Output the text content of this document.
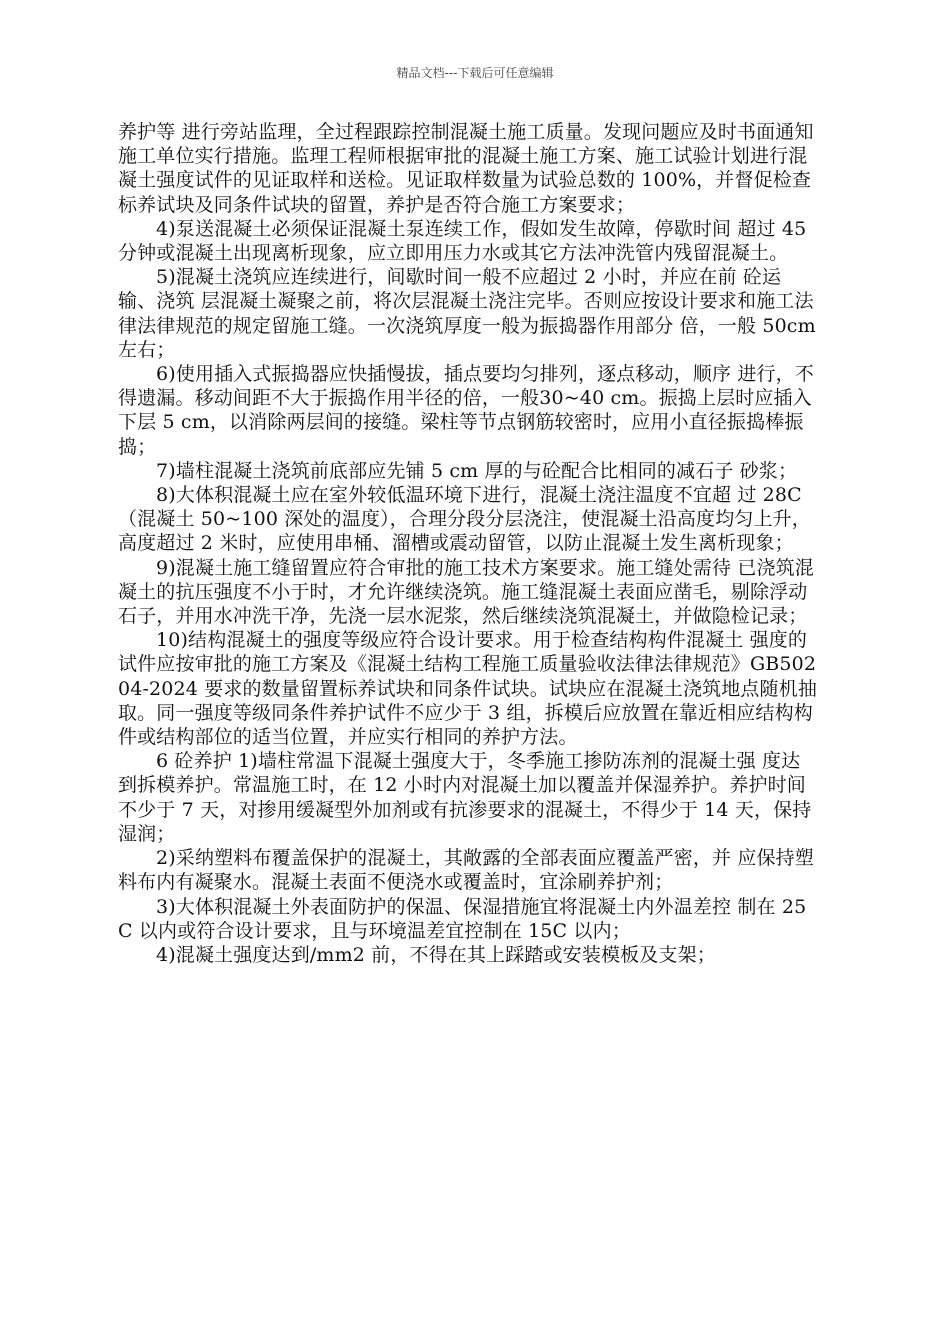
精品文档---下载后可任意编辑

养护等 进行旁站监理，全过程跟踪控制混凝土施工质量。发现问题应及时书面通知施工单位实行措施。监理工程师根据审批的混凝土施工方案、施工试验计划进行混凝土强度试件的见证取样和送检。见证取样数量为试验总数的 100%，并督促检查标养试块及同条件试块的留置，养护是否符合施工方案要求；

4)泵送混凝土必须保证混凝土泵连续工作，假如发生故障，停歇时间 超过 45 分钟或混凝土出现离析现象，应立即用压力水或其它方法冲洗管内残留混凝土。

5)混凝土浇筑应连续进行，间歇时间一般不应超过 2 小时，并应在前 砼运输、浇筑 层混凝土凝聚之前，将次层混凝土浇注完毕。否则应按设计要求和施工法律法律规范的规定留施工缝。一次浇筑厚度一般为振捣器作用部分 倍，一般 50cm 左右；

6)使用插入式振捣器应快插慢拔，插点要均匀排列，逐点移动，顺序 进行，不得遗漏。移动间距不大于振捣作用半径的倍，一般30~40 cm。振捣上层时应插入下层 5 cm，以消除两层间的接缝。梁柱等节点钢筋较密时，应用小直径振捣棒振捣；

7)墙柱混凝土浇筑前底部应先铺 5 cm 厚的与砼配合比相同的减石子 砂浆；

8)大体积混凝土应在室外较低温环境下进行，混凝土浇注温度不宜超 过 28C（混凝土 50~100 深处的温度），合理分段分层浇注，使混凝土沿高度均匀上升，高度超过 2 米时，应使用串桶、溜槽或震动留管，以防止混凝土发生离析现象；

9)混凝土施工缝留置应符合审批的施工技术方案要求。施工缝处需待 已浇筑混凝土的抗压强度不小于时，才允许继续浇筑。施工缝混凝土表面应凿毛，剔除浮动石子，并用水冲洗干净，先浇一层水泥浆，然后继续浇筑混凝土，并做隐检记录；

10)结构混凝土的强度等级应符合设计要求。用于检查结构构件混凝土 强度的试件应按审批的施工方案及《混凝土结构工程施工质量验收法律法律规范》GB50204-2024 要求的数量留置标养试块和同条件试块。试块应在混凝土浇筑地点随机抽取。同一强度等级同条件养护试件不应少于 3 组，拆模后应放置在靠近相应结构构件或结构部位的适当位置，并应实行相同的养护方法。

6 砼养护 1)墙柱常温下混凝土强度大于，冬季施工掺防冻剂的混凝土强 度达到拆模养护。常温施工时，在 12 小时内对混凝土加以覆盖并保湿养护。养护时间不少于 7 天，对掺用缓凝型外加剂或有抗渗要求的混凝土，不得少于 14 天，保持湿润；

2)采纳塑料布覆盖保护的混凝土，其敞露的全部表面应覆盖严密，并 应保持塑料布内有凝聚水。混凝土表面不便浇水或覆盖时，宜涂刷养护剂；

3)大体积混凝土外表面防护的保温、保湿措施宜将混凝土内外温差控 制在 25 C 以内或符合设计要求，且与环境温差宜控制在 15C 以内；

4)混凝土强度达到/mm2 前，不得在其上踩踏或安装模板及支架；
